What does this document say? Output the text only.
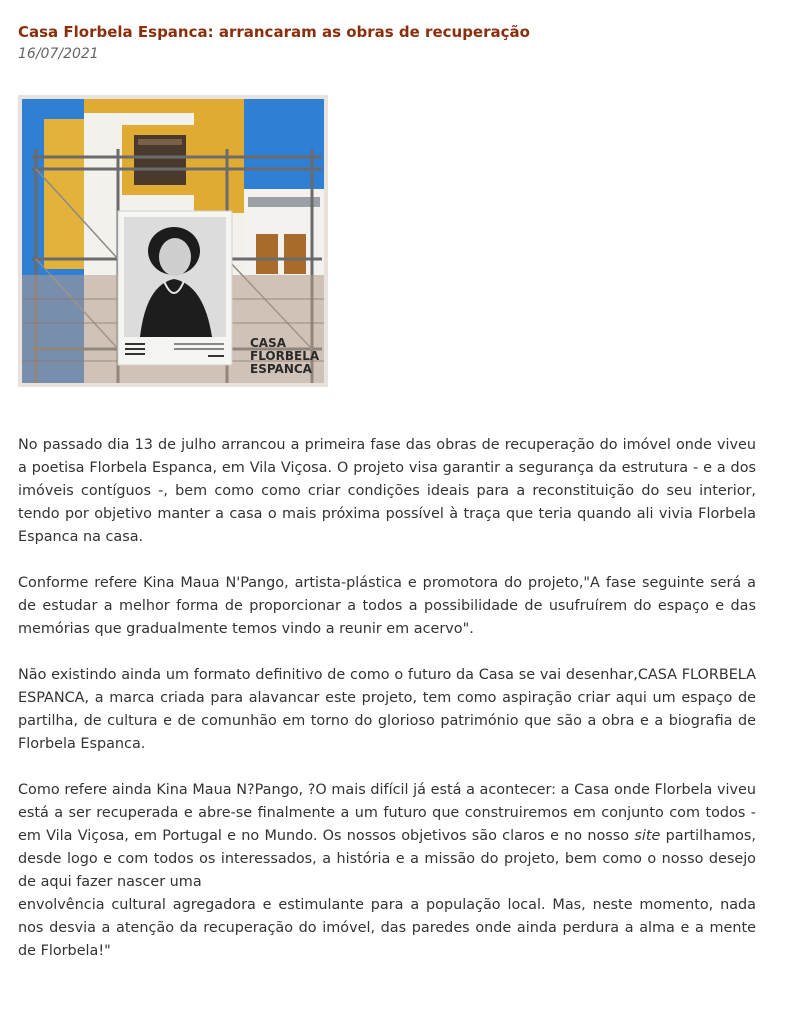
Casa Florbela Espanca: arrancaram as obras de recuperação
16/07/2021
CASA
FLORBELA
ESPANCA

No passado dia 13 de julho arrancou a primeira fase das obras de recuperação do imóvel onde viveu a poetisa Florbela Espanca, em Vila Viçosa. O projeto visa garantir a segurança da estrutura - e a dos imóveis contíguos -, bem como como criar condições ideais para a reconstituição do seu interior, tendo por objetivo manter a casa o mais próxima possível à traça que teria quando ali vivia Florbela Espanca na casa.

Conforme refere Kina Maua N'Pango, artista-plástica e promotora do projeto,"A fase seguinte será a de estudar a melhor forma de proporcionar a todos a possibilidade de usufruírem do espaço e das memórias que gradualmente temos vindo a reunir em acervo".

Não existindo ainda um formato definitivo de como o futuro da Casa se vai desenhar,CASA FLORBELA ESPANCA, a marca criada para alavancar este projeto, tem como aspiração criar aqui um espaço de partilha, de cultura e de comunhão em torno do glorioso património que são a obra e a biografia de Florbela Espanca.

Como refere ainda Kina Maua N?Pango, ?O mais difícil já está a acontecer: a Casa onde Florbela viveu está a ser recuperada e abre-se finalmente a um futuro que construiremos em conjunto com todos - em Vila Viçosa, em Portugal e no Mundo. Os nossos objetivos são claros e no nosso site partilhamos, desde logo e com todos os interessados, a história e a missão do projeto, bem como o nosso desejo de aqui fazer nascer uma
envolvência cultural agregadora e estimulante para a população local. Mas, neste momento, nada nos desvia a atenção da recuperação do imóvel, das paredes onde ainda perdura a alma e a mente de Florbela!"
